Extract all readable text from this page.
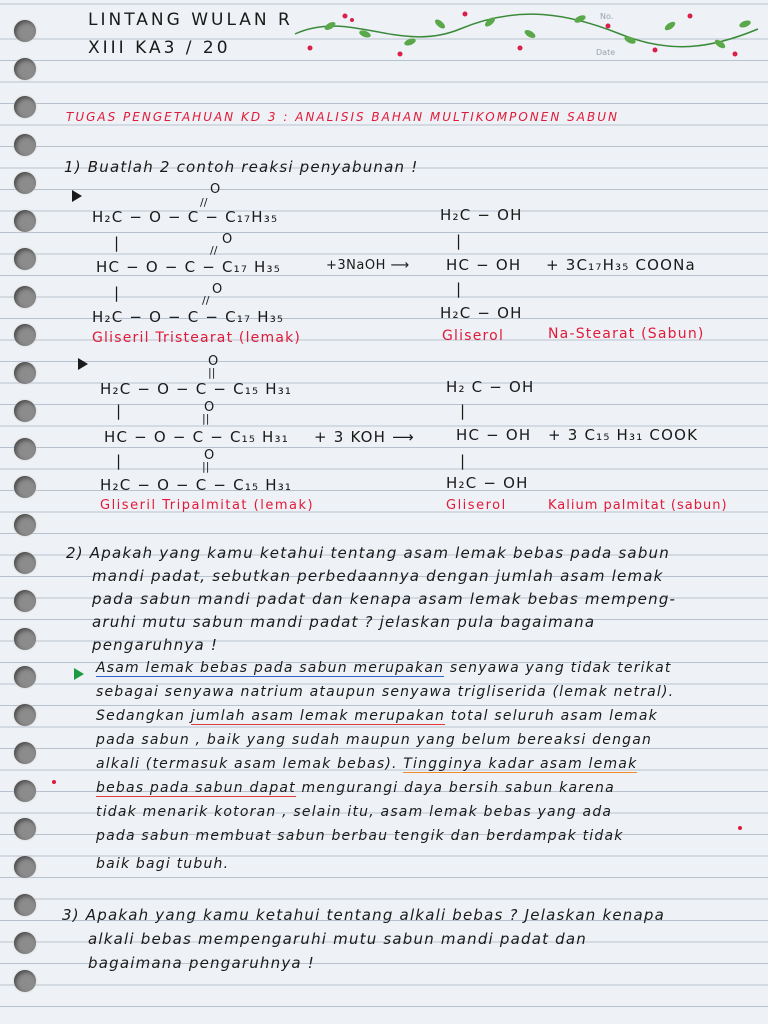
LINTANG WULAN R
XIII KA3 / 20
No.
Date
TUGAS PENGETAHUAN KD 3 : ANALISIS BAHAN MULTIKOMPONEN SABUN
1) Buatlah 2 contoh reaksi penyabunan !
O
//
H₂C − O − C − C₁₇H₃₅
|	O
//
HC − O − C − C₁₇ H₃₅	+3NaOH ⟶
|	O
//
H₂C − O − C − C₁₇ H₃₅
H₂C − OH
|
HC − OH
|
H₂C − OH
+ 3C₁₇H₃₅ COONa
Gliseril Tristearat (lemak)	Gliserol	Na-Stearat (Sabun)
O
||
H₂C − O − C − C₁₅ H₃₁
|	O
||
HC − O − C − C₁₅ H₃₁ + 3 KOH ⟶
|	O
||
H₂C − O − C − C₁₅ H₃₁
H₂ C − OH
|
HC − OH
|
H₂C − OH
+ 3 C₁₅ H₃₁ COOK
Gliseril Tripalmitat (lemak)	Gliserol	Kalium palmitat (sabun)
2) Apakah yang kamu ketahui tentang asam lemak bebas pada sabun
mandi padat, sebutkan perbedaannya dengan jumlah asam lemak
pada sabun mandi padat dan kenapa asam lemak bebas mempeng-
aruhi mutu sabun mandi padat ? jelaskan pula bagaimana
pengaruhnya !
Asam lemak bebas pada sabun merupakan senyawa yang tidak terikat
sebagai senyawa natrium ataupun senyawa trigliserida (lemak netral).
Sedangkan jumlah asam lemak merupakan total seluruh asam lemak
pada sabun , baik yang sudah maupun yang belum bereaksi dengan
alkali (termasuk asam lemak bebas). Tingginya kadar asam lemak
bebas pada sabun dapat mengurangi daya bersih sabun karena
tidak menarik kotoran , selain itu, asam lemak bebas yang ada
pada sabun membuat sabun berbau tengik dan berdampak tidak
baik bagi tubuh.
3) Apakah yang kamu ketahui tentang alkali bebas ? Jelaskan kenapa
alkali bebas mempengaruhi mutu sabun mandi padat dan
bagaimana pengaruhnya !
